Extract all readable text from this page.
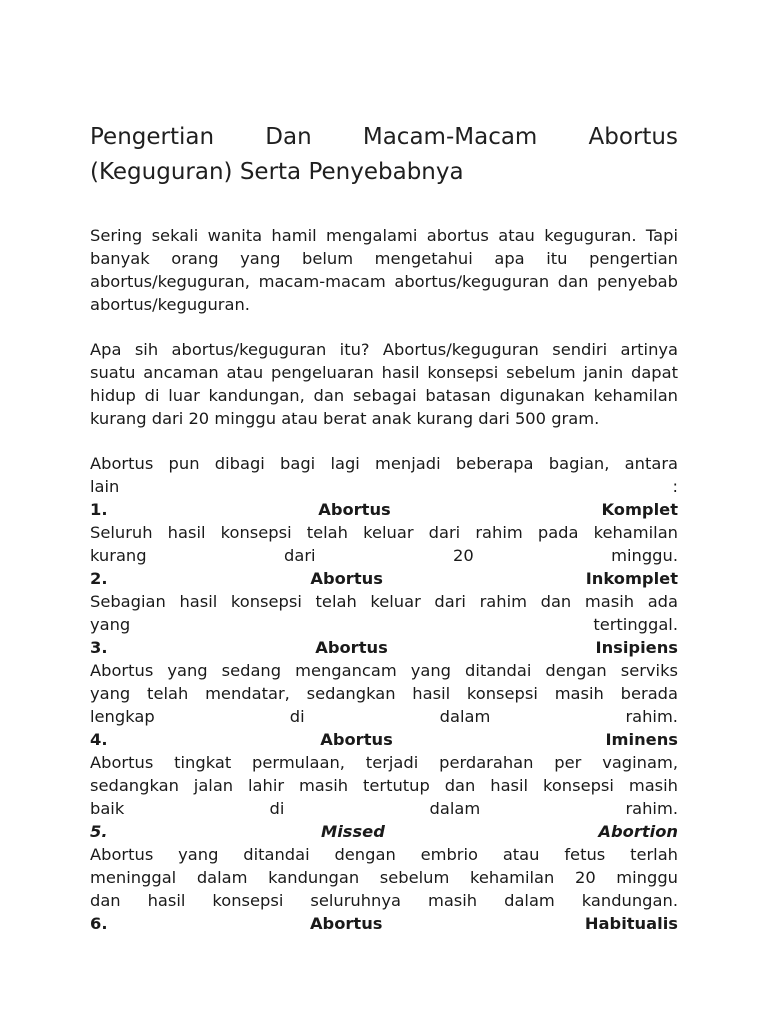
Pengertian Dan Macam-Macam Abortus (Keguguran) Serta Penyebabnya

Sering sekali wanita hamil mengalami abortus atau keguguran. Tapi banyak orang yang belum mengetahui apa itu pengertian abortus/keguguran, macam-macam abortus/keguguran dan penyebab abortus/keguguran.

Apa sih abortus/keguguran itu? Abortus/keguguran sendiri artinya suatu ancaman atau pengeluaran hasil konsepsi sebelum janin dapat hidup di luar kandungan, dan sebagai batasan digunakan kehamilan kurang dari 20 minggu atau berat anak kurang dari 500 gram.

Abortus pun dibagi bagi lagi menjadi beberapa bagian, antara
lain :
1. Abortus Komplet
Seluruh hasil konsepsi telah keluar dari rahim pada kehamilan
kurang dari 20 minggu.
2. Abortus Inkomplet
Sebagian hasil konsepsi telah keluar dari rahim dan masih ada
yang tertinggal.
3. Abortus Insipiens
Abortus yang sedang mengancam yang ditandai dengan serviks
yang telah mendatar, sedangkan hasil konsepsi masih berada
lengkap di dalam rahim.
4. Abortus Iminens
Abortus tingkat permulaan, terjadi perdarahan per vaginam,
sedangkan jalan lahir masih tertutup dan hasil konsepsi masih
baik di dalam rahim.
5. Missed Abortion
Abortus yang ditandai dengan embrio atau fetus terlah
meninggal dalam kandungan sebelum kehamilan 20 minggu
dan hasil konsepsi seluruhnya masih dalam kandungan.
6. Abortus Habitualis
